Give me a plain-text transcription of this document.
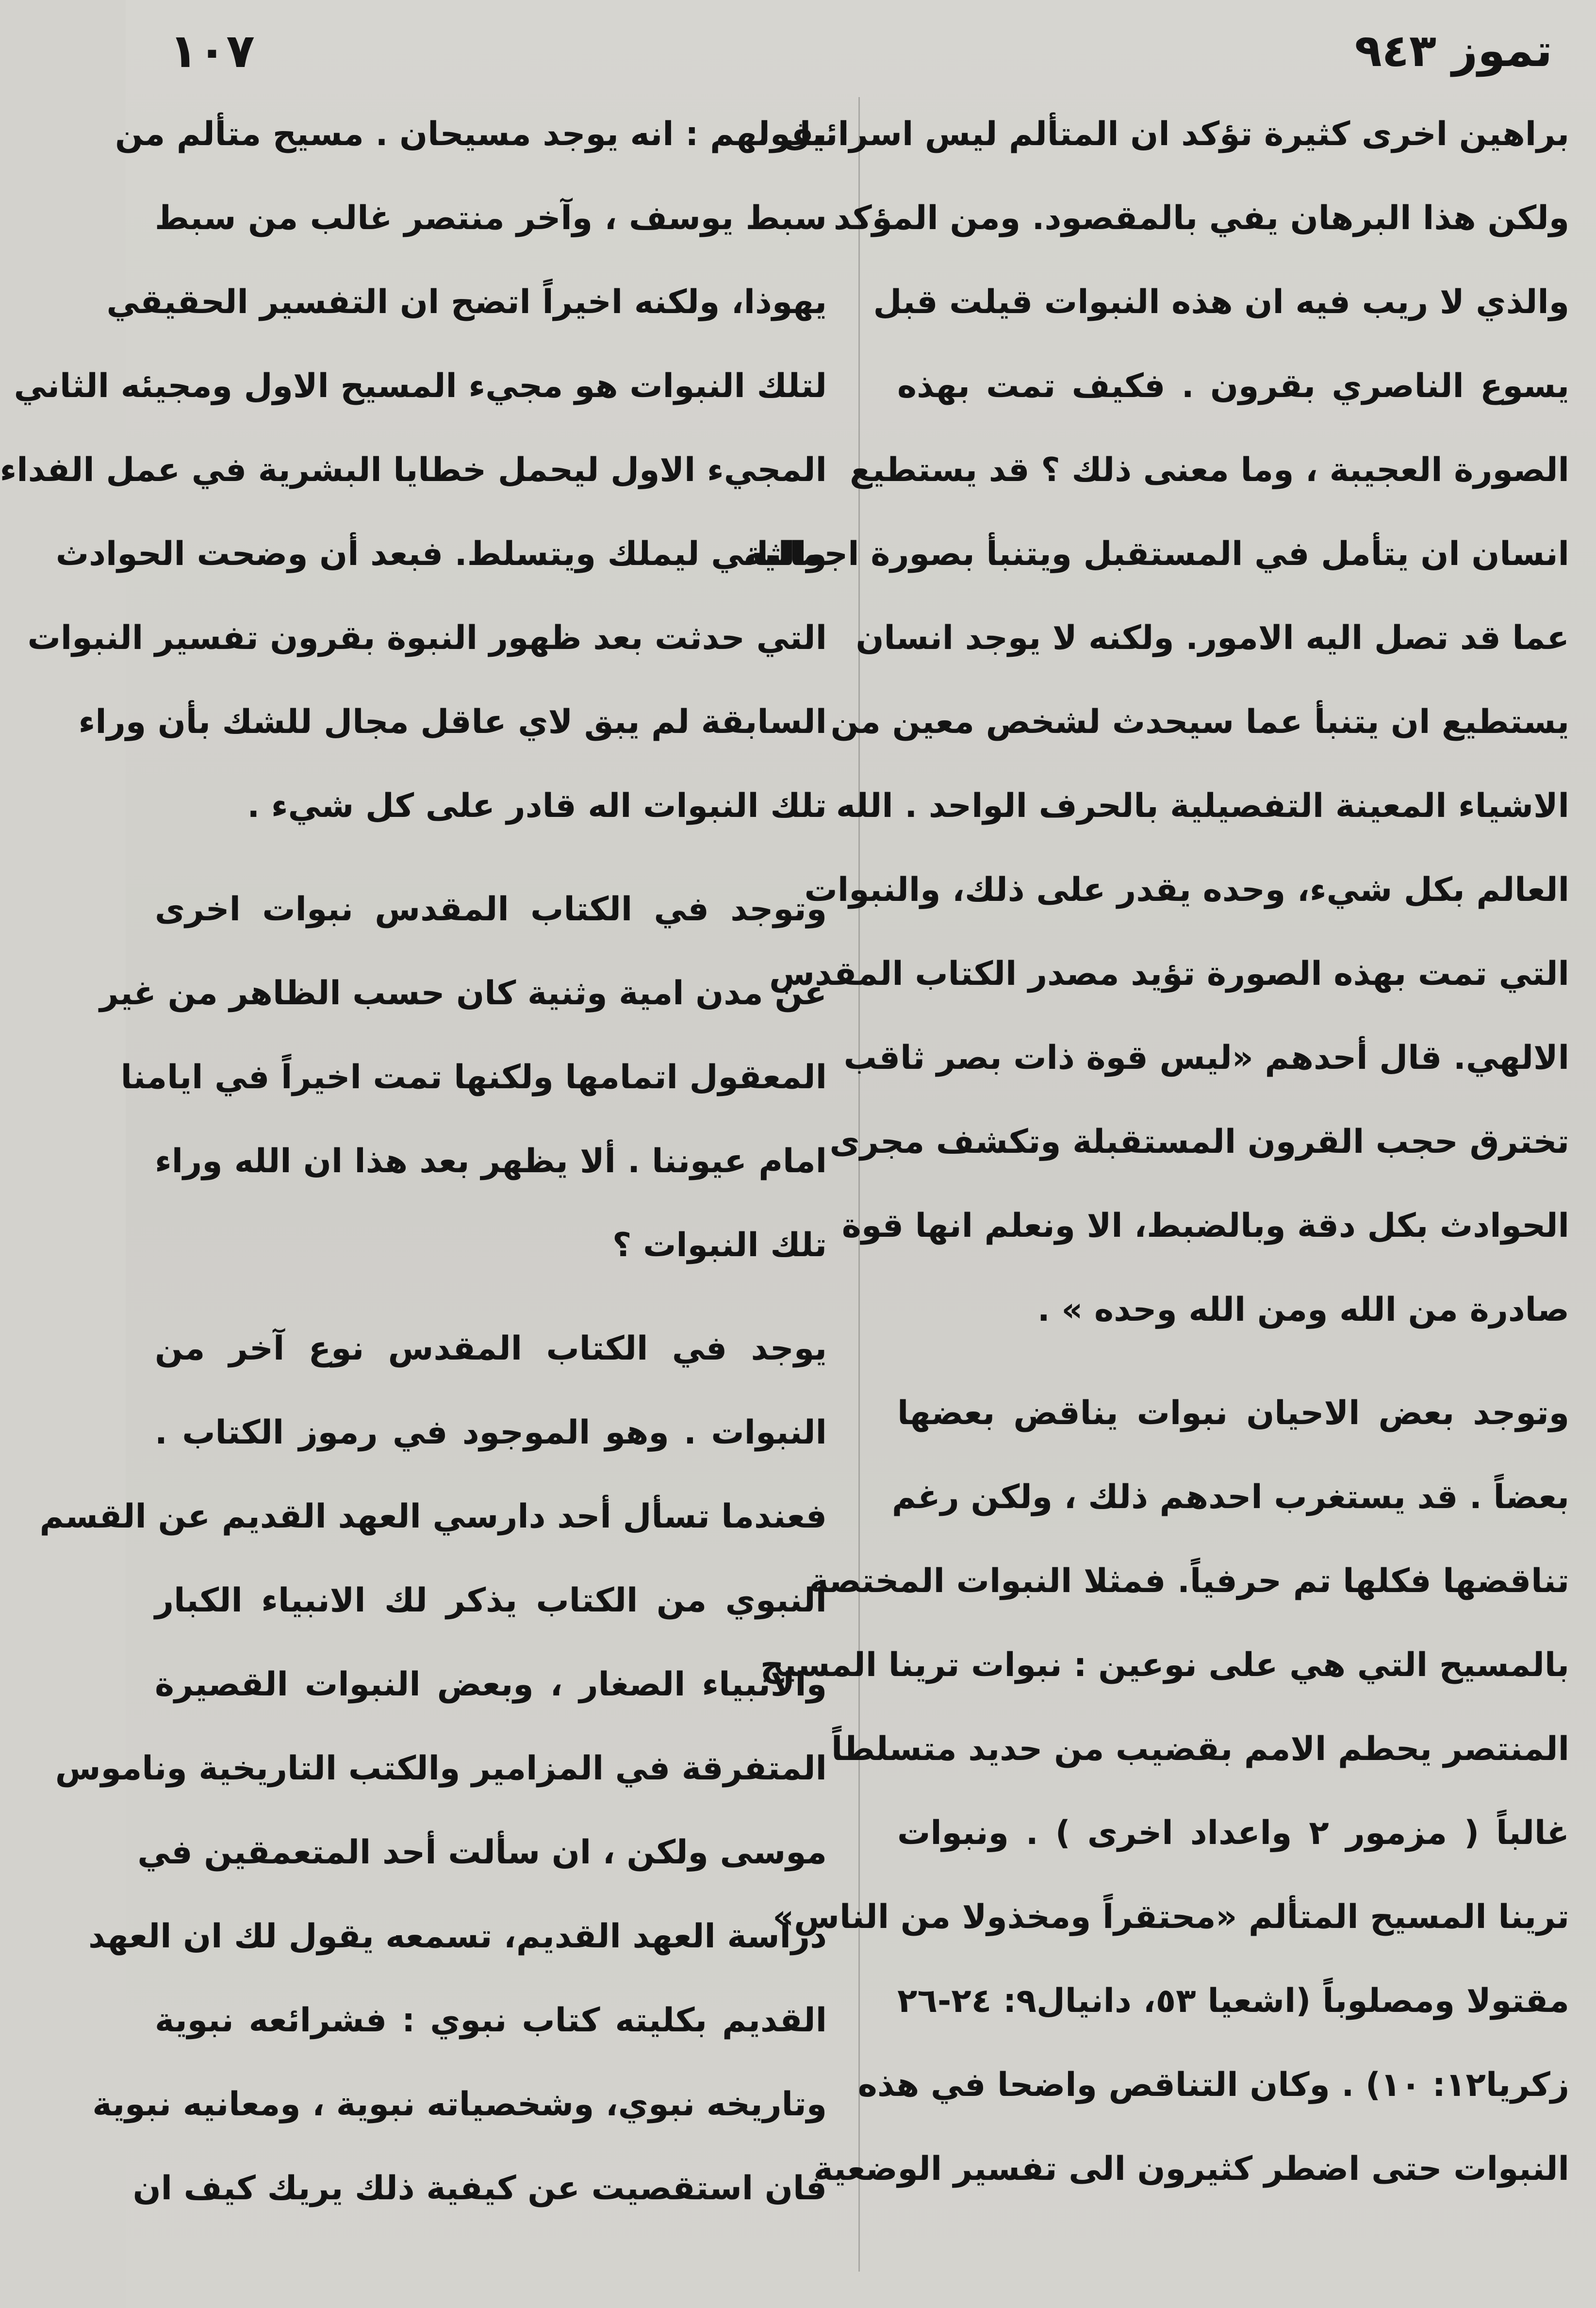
١٠٧	تموز ٩٤٣
براهين اخرى كثيرة تؤكد ان المتألم ليس اسرائيل
ولكن هذا البرهان يفي بالمقصود. ومن المؤكد
والذي لا ريب فيه ان هذه النبوات قيلت قبل
يسوع الناصري بقرون . فكيف تمت بهذه
الصورة العجيبة ، وما معنى ذلك ؟ قد يستطيع
انسان ان يتأمل في المستقبل ويتنبأ بصورة اجمالية
عما قد تصل اليه الامور. ولكنه لا يوجد انسان
يستطيع ان يتنبأ عما سيحدث لشخص معين من
الاشياء المعينة التفصيلية بالحرف الواحد . الله
العالم بكل شيء، وحده يقدر على ذلك، والنبوات
التي تمت بهذه الصورة تؤيد مصدر الكتاب المقدس
الالهي. قال أحدهم «ليس قوة ذات بصر ثاقب
تخترق حجب القرون المستقبلة وتكشف مجرى
الحوادث بكل دقة وبالضبط، الا ونعلم انها قوة
صادرة من الله ومن الله وحده » .
وتوجد بعض الاحيان نبوات يناقض بعضها
بعضاً . قد يستغرب احدهم ذلك ، ولكن رغم
تناقضها فكلها تم حرفياً. فمثلا النبوات المختصة
بالمسيح التي هي على نوعين : نبوات ترينا المسيح
المنتصر يحطم الامم بقضيب من حديد متسلطاً
غالباً ( مزمور ٢ واعداد اخرى ) . ونبوات
ترينا المسيح المتألم «محتقراً ومخذولا من الناس»
مقتولا ومصلوباً (اشعيا ٥٣، دانيال٩: ٢٤-٢٦
زكريا١٢: ١٠) . وكان التناقص واضحا في هذه
النبوات حتى اضطر كثيرون الى تفسير الوضعية
بقولهم : انه يوجد مسيحان . مسيح متألم من
سبط يوسف ، وآخر منتصر غالب من سبط
يهوذا، ولكنه اخيراً اتضح ان التفسير الحقيقي
لتلك النبوات هو مجيء المسيح الاول ومجيئه الثاني
المجيء الاول ليحمل خطايا البشرية في عمل الفداء
والثاني ليملك ويتسلط. فبعد أن وضحت الحوادث
التي حدثت بعد ظهور النبوة بقرون تفسير النبوات
السابقة لم يبق لاي عاقل مجال للشك بأن وراء
تلك النبوات اله قادر على كل شيء .
وتوجد في الكتاب المقدس نبوات اخرى
عن مدن امية وثنية كان حسب الظاهر من غير
المعقول اتمامها ولكنها تمت اخيراً في ايامنا
امام عيوننا . ألا يظهر بعد هذا ان الله وراء
تلك النبوات ؟
يوجد في الكتاب المقدس نوع آخر من
النبوات . وهو الموجود في رموز الكتاب .
فعندما تسأل أحد دارسي العهد القديم عن القسم
النبوي من الكتاب يذكر لك الانبياء الكبار
والانبياء الصغار ، وبعض النبوات القصيرة
المتفرقة في المزامير والكتب التاريخية وناموس
موسى ولكن ، ان سألت أحد المتعمقين في
دراسة العهد القديم، تسمعه يقول لك ان العهد
القديم بكليته كتاب نبوي : فشرائعه نبوية
وتاريخه نبوي، وشخصياته نبوية ، ومعانيه نبوية
فان استقصيت عن كيفية ذلك يريك كيف ان
